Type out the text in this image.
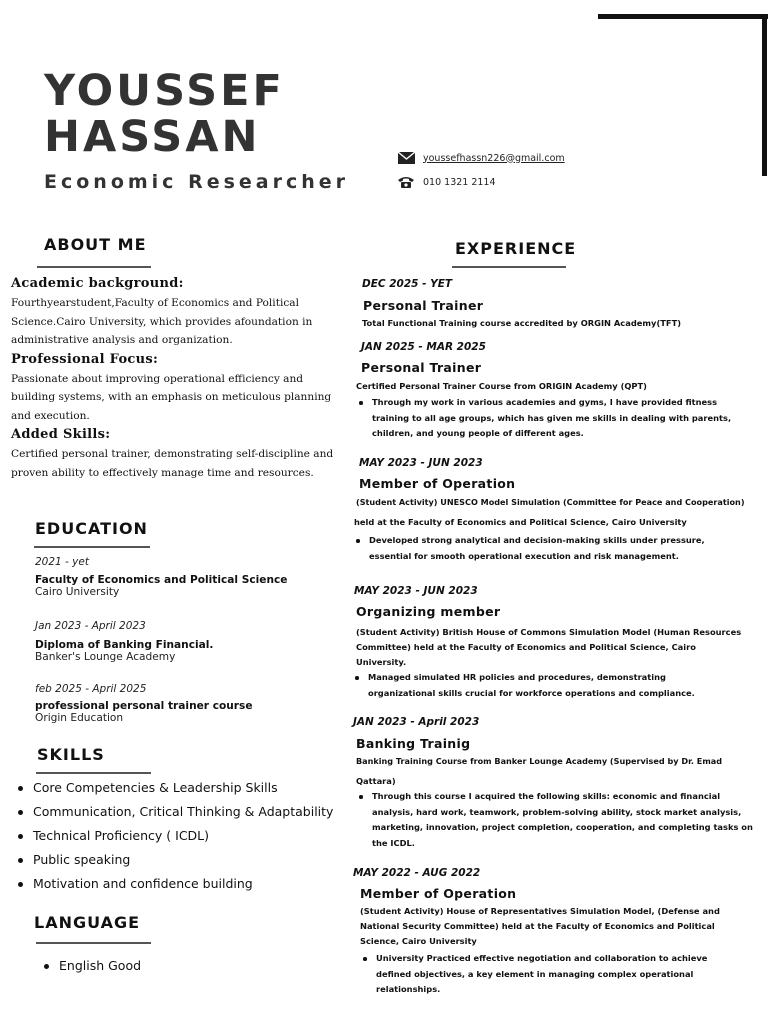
YOUSSEF
HASSAN
Economic Researcher
youssefhassn226@gmail.com
010 1321 2114
ABOUT ME
Academic background:
Fourthyearstudent,Faculty of Economics and Political Science.Cairo University, which provides afoundation in administrative analysis and organization.
Professional Focus:
Passionate about improving operational efficiency and building systems, with an emphasis on meticulous planning and execution.
Added Skills:
Certified personal trainer, demonstrating self-discipline and proven ability to effectively manage time and resources.
EDUCATION
2021 - yet
Faculty of Economics and Political Science
Cairo University
Jan 2023 - April 2023
Diploma of Banking Financial.
Banker's Lounge Academy
feb 2025 - April 2025
professional personal trainer course
Origin Education
SKILLS
Core Competencies & Leadership Skills
Communication, Critical Thinking & Adaptability
Technical Proficiency ( ICDL)
Public speaking
Motivation and confidence building
LANGUAGE
English Good
EXPERIENCE
DEC 2025 - YET
Personal Trainer
Total Functional Training course accredited by ORGIN Academy(TFT)
JAN 2025 - MAR 2025
Personal Trainer
Certified Personal Trainer Course from ORIGIN Academy (QPT)
Through my work in various academies and gyms, I have provided fitness training to all age groups, which has given me skills in dealing with parents, children, and young people of different ages.
MAY 2023 - JUN 2023
Member of Operation
(Student Activity) UNESCO Model Simulation (Committee for Peace and Cooperation)
held at the Faculty of Economics and Political Science, Cairo University
Developed strong analytical and decision-making skills under pressure, essential for smooth operational execution and risk management.
MAY 2023 - JUN 2023
Organizing member
(Student Activity) British House of Commons Simulation Model (Human Resources Committee) held at the Faculty of Economics and Political Science, Cairo University.
Managed simulated HR policies and procedures, demonstrating organizational skills crucial for workforce operations and compliance.
JAN 2023 - April 2023
Banking Trainig
Banking Training Course from Banker Lounge Academy (Supervised by Dr. Emad
Qattara)
Through this course I acquired the following skills: economic and financial analysis, hard work, teamwork, problem-solving ability, stock market analysis, marketing, innovation, project completion, cooperation, and completing tasks on the ICDL.
MAY 2022 - AUG 2022
Member of Operation
(Student Activity) House of Representatives Simulation Model, (Defense and National Security Committee) held at the Faculty of Economics and Political Science, Cairo University
University Practiced effective negotiation and collaboration to achieve defined objectives, a key element in managing complex operational relationships.
